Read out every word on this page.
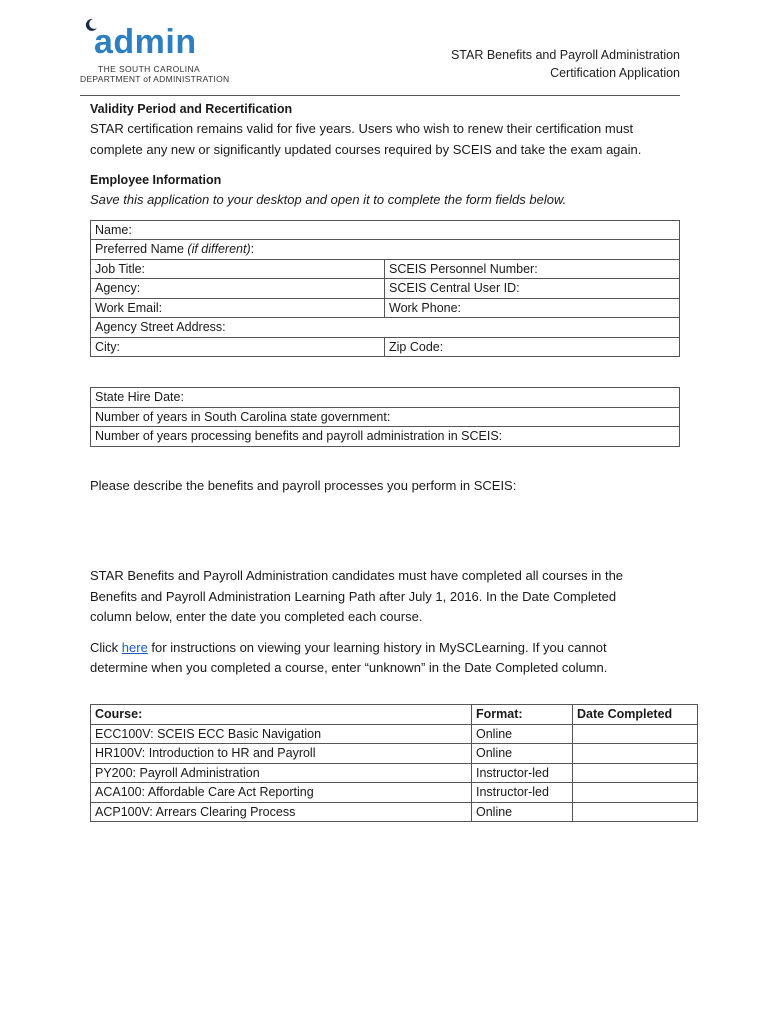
admin
THE SOUTH CAROLINA
DEPARTMENT of ADMINISTRATION
STAR Benefits and Payroll Administration
Certification Application

Validity Period and Recertification

STAR certification remains valid for five years. Users who wish to renew their certification must

complete any new or significantly updated courses required by SCEIS and take the exam again.

Employee Information

Save this application to your desktop and open it to complete the form fields below.

Name:	
Preferred Name (if different):	
Job Title:	SCEIS Personnel Number:
Agency:	SCEIS Central User ID:
Work Email:	Work Phone:
Agency Street Address:	
City:	Zip Code:
State Hire Date:
Number of years in South Carolina state government:
Number of years processing benefits and payroll administration in SCEIS:

Please describe the benefits and payroll processes you perform in SCEIS:

STAR Benefits and Payroll Administration candidates must have completed all courses in the

Benefits and Payroll Administration Learning Path after July 1, 2016. In the Date Completed

column below, enter the date you completed each course.

Click here for instructions on viewing your learning history in MySCLearning. If you cannot

determine when you completed a course, enter “unknown” in the Date Completed column.

Course:	Format:	Date Completed
ECC100V: SCEIS ECC Basic Navigation	Online	
HR100V: Introduction to HR and Payroll	Online	
PY200: Payroll Administration	Instructor-led	
ACA100: Affordable Care Act Reporting	Instructor-led	
ACP100V: Arrears Clearing Process	Online	
